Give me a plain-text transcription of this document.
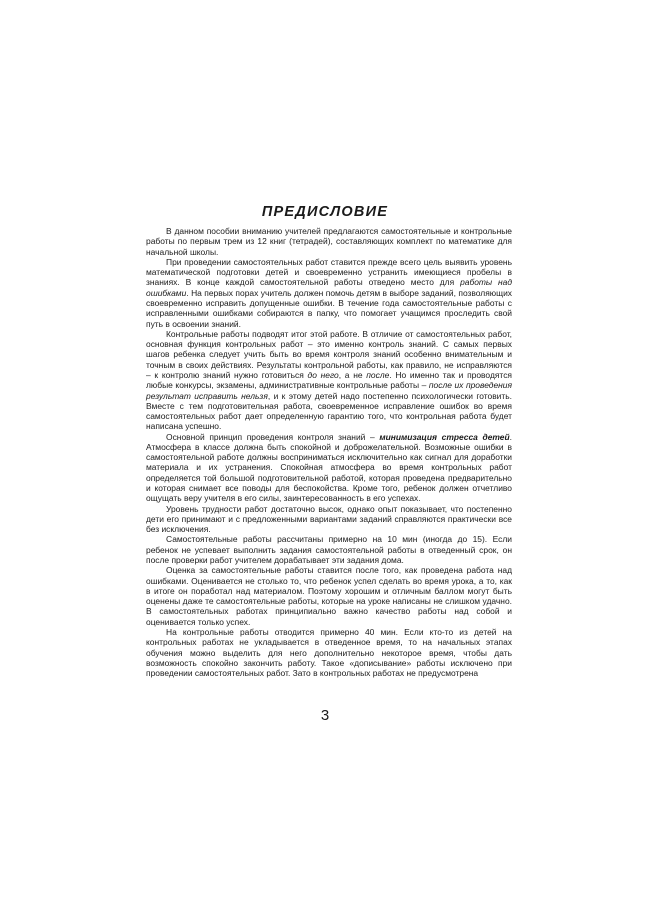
ПРЕДИСЛОВИЕ

В данном пособии вниманию учителей предлагаются самостоятельные и контрольные работы по первым трем из 12 книг (тетрадей), составляющих комплект по математике для начальной школы.

При проведении самостоятельных работ ставится прежде всего цель выявить уровень математической подготовки детей и своевременно устранить имеющиеся пробелы в знаниях. В конце каждой самостоятельной работы отведено место для работы над ошибками. На первых порах учитель должен помочь детям в выборе заданий, позволяющих своевременно исправить допущенные ошибки. В течение года самостоятельные работы с исправленными ошибками собираются в папку, что помогает учащимся проследить свой путь в освоении знаний.

Контрольные работы подводят итог этой работе. В отличие от самостоятельных работ, основная функция контрольных работ – это именно контроль знаний. С самых первых шагов ребенка следует учить быть во время контроля знаний особенно внимательным и точным в своих действиях. Результаты контрольной работы, как правило, не исправляются – к контролю знаний нужно готовиться до него, а не после. Но именно так и проводятся любые конкурсы, экзамены, административные контрольные работы – после их проведения результат исправить нельзя, и к этому детей надо постепенно психологически готовить. Вместе с тем подготовительная работа, своевременное исправление ошибок во время самостоятельных работ дает определенную гарантию того, что контрольная работа будет написана успешно.

Основной принцип проведения контроля знаний – минимизация стресса детей. Атмосфера в классе должна быть спокойной и доброжелательной. Возможные ошибки в самостоятельной работе должны восприниматься исключительно как сигнал для доработки материала и их устранения. Спокойная атмосфера во время контрольных работ определяется той большой подготовительной работой, которая проведена предварительно и которая снимает все поводы для беспокойства. Кроме того, ребенок должен отчетливо ощущать веру учителя в его силы, заинтересованность в его успехах.

Уровень трудности работ достаточно высок, однако опыт показывает, что постепенно дети его принимают и с предложенными вариантами заданий справляются практически все без исключения.

Самостоятельные работы рассчитаны примерно на 10 мин (иногда до 15). Если ребенок не успевает выполнить задания самостоятельной работы в отведенный срок, он после проверки работ учителем дорабатывает эти задания дома.

Оценка за самостоятельные работы ставится после того, как проведена работа над ошибками. Оценивается не столько то, что ребенок успел сделать во время урока, а то, как в итоге он поработал над материалом. Поэтому хорошим и отличным баллом могут быть оценены даже те самостоятельные работы, которые на уроке написаны не слишком удачно. В самостоятельных работах принципиально важно качество работы над собой и оценивается только успех.

На контрольные работы отводится примерно 40 мин. Если кто-то из детей на контрольных работах не укладывается в отведенное время, то на начальных этапах обучения можно выделить для него дополнительно некоторое время, чтобы дать возможность спокойно закончить работу. Такое «дописывание» работы исключено при проведении самостоятельных работ. Зато в контрольных работах не предусмотрена

3
